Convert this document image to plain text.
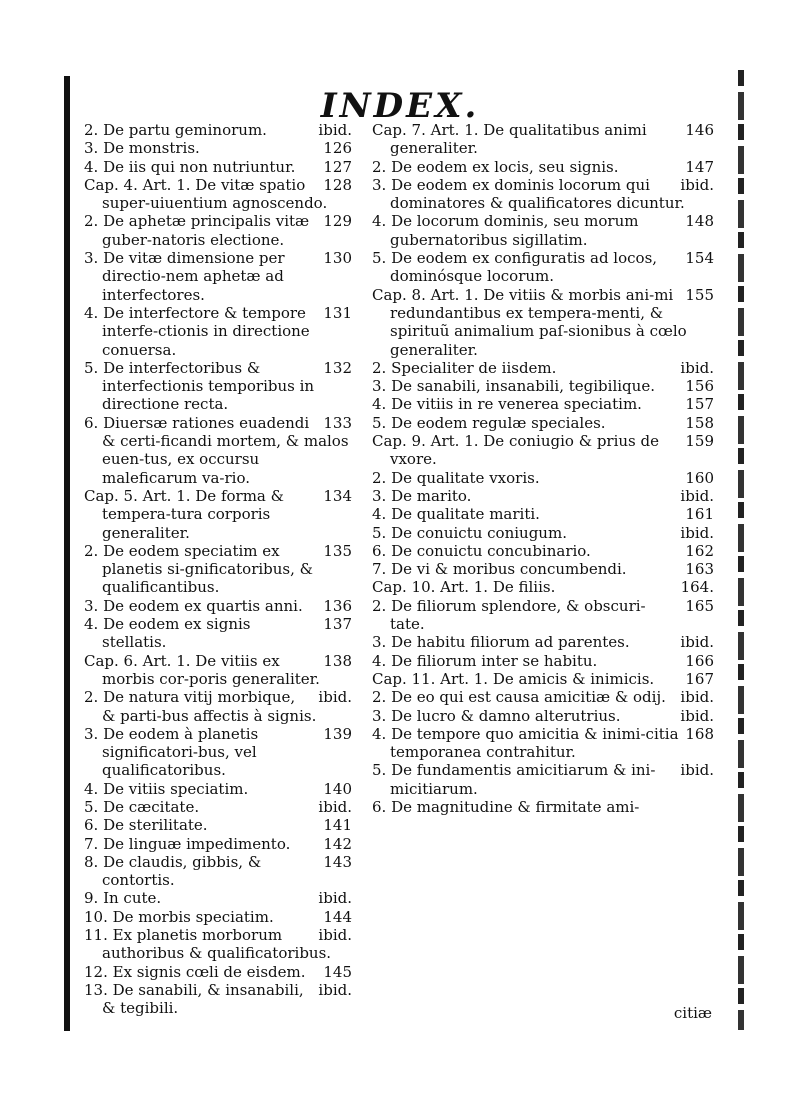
INDEX.
ibid.
2. De partu geminorum.
126
3. De monstris.
127
4. De iis qui non nutriuntur.
128
Cap. 4. Art. 1. De vitæ spatio super-uiuentium agnoscendo.
129
2. De aphetæ principalis vitæ guber-natoris electione.
130
3. De vitæ dimensione per directio-nem aphetæ ad interfectores.
131
4. De interfectore & tempore interfe-ctionis in directione conuersa.
132
5. De interfectoribus & interfectionis temporibus in directione recta.
133
6. Diuersæ rationes euadendi & certi-ficandi mortem, & malos euen-tus, ex occursu maleficarum va-rio.
134
Cap. 5. Art. 1. De forma & tempera-tura corporis generaliter.
135
2. De eodem speciatim ex planetis si-gnificatoribus, & qualificantibus.
136
3. De eodem ex quartis anni.
137
4. De eodem ex signis stellatis.
138
Cap. 6. Art. 1. De vitiis ex morbis cor-poris generaliter.
ibid.
2. De natura vitij morbique, & parti-bus affectis à signis.
139
3. De eodem à planetis significatori-bus, vel qualificatoribus.
140
4. De vitiis speciatim.
ibid.
5. De cæcitate.
141
6. De sterilitate.
142
7. De linguæ impedimento.
143
8. De claudis, gibbis, & contortis.
ibid.
9. In cute.
144
10. De morbis speciatim.
ibid.
11. Ex planetis morborum authoribus & qualificatoribus.
145
12. Ex signis cœli de eisdem.
ibid.
13. De sanabili, & insanabili, & tegibili.
146
Cap. 7. Art. 1. De qualitatibus animi generaliter.
147
2. De eodem ex locis, seu signis.
ibid.
3. De eodem ex dominis locorum qui dominatores & qualificatores dicuntur.
148
4. De locorum dominis, seu morum gubernatoribus sigillatim.
154
5. De eodem ex configuratis ad locos, dominósque locorum.
155
Cap. 8. Art. 1. De vitiis & morbis ani-mi redundantibus ex tempera-menti, & spirituũ animalium paſ-sionibus à cœlo generaliter.
ibid.
2. Specialiter de iisdem.
156
3. De sanabili, insanabili, tegibilique.
157
4. De vitiis in re venerea speciatim.
158
5. De eodem regulæ speciales.
159
Cap. 9. Art. 1. De coniugio & prius de vxore.
160
2. De qualitate vxoris.
ibid.
3. De marito.
161
4. De qualitate mariti.
ibid.
5. De conuictu coniugum.
162
6. De conuictu concubinario.
163
7. De vi & moribus concumbendi.
164.
Cap. 10. Art. 1. De filiis.
165
2. De filiorum splendore, & obscuri-tate.
ibid.
3. De habitu filiorum ad parentes.
166
4. De filiorum inter se habitu.
167
Cap. 11. Art. 1. De amicis & inimicis.
ibid.
2. De eo qui est causa amicitiæ & odij.
ibid.
3. De lucro & damno alterutrius.
168
4. De tempore quo amicitia & inimi-citia temporanea contrahitur.
ibid.
5. De fundamentis amicitiarum & ini-micitiarum.
6. De magnitudine & firmitate ami-
citiæ
